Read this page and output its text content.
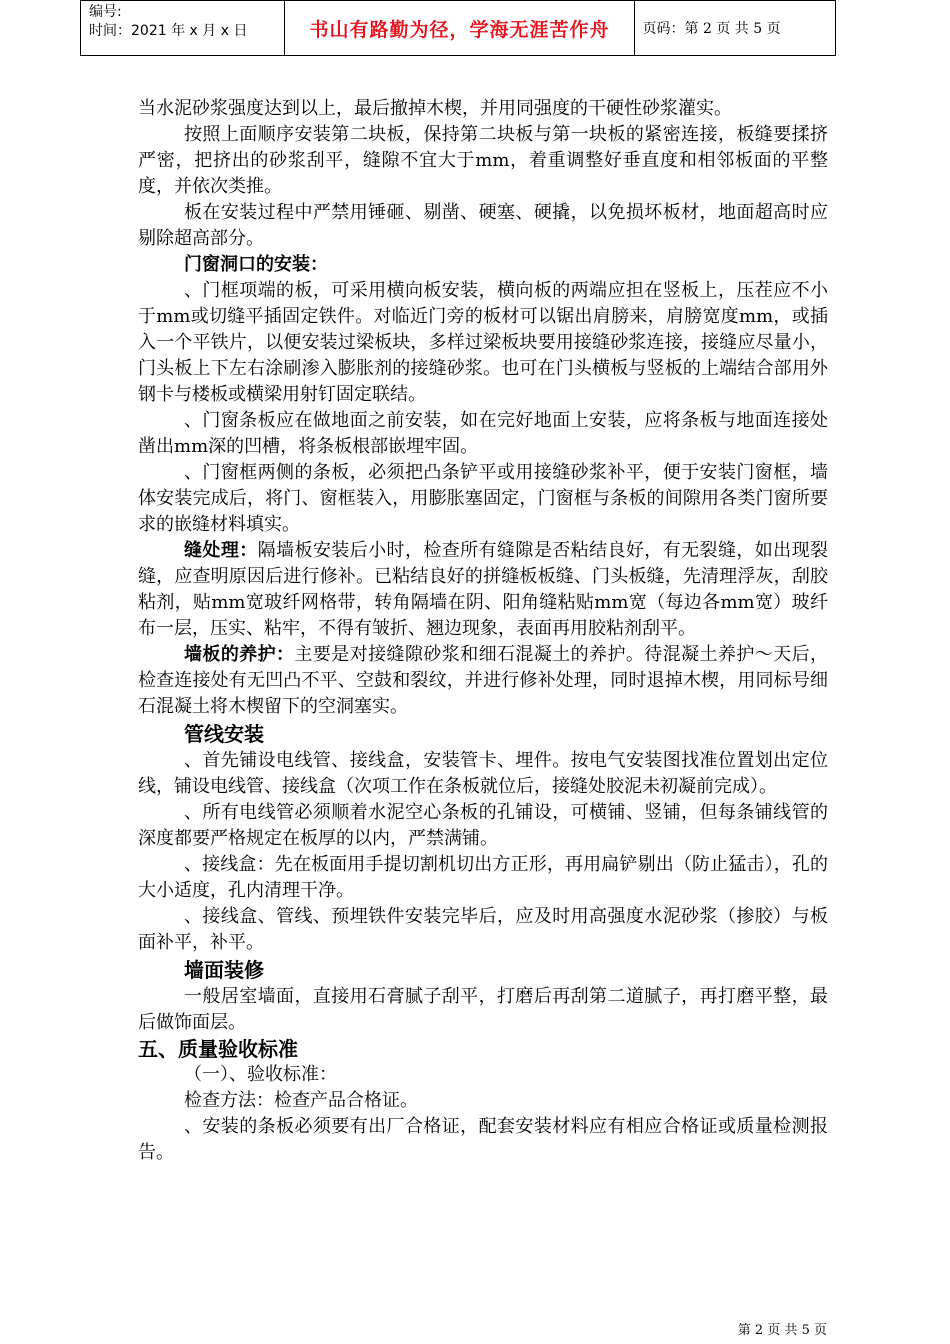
编号:
时间：2021 年 x 月 x 日	书山有路勤为径，学海无涯苦作舟	页码：第 2 页 共 5 页

当水泥砂浆强度达到以上，最后撤掉木楔，并用同强度的干硬性砂浆灌实。

按照上面顺序安装第二块板，保持第二块板与第一块板的紧密连接，板缝要揉挤严密，把挤出的砂浆刮平，缝隙不宜大于mm，着重调整好垂直度和相邻板面的平整度，并依次类推。

板在安装过程中严禁用锤砸、剔凿、硬塞、硬撬，以免损坏板材，地面超高时应剔除超高部分。

门窗洞口的安装：

、门框项端的板，可采用横向板安装，横向板的两端应担在竖板上，压茬应不小于mm或切缝平插固定铁件。对临近门旁的板材可以锯出肩膀来，肩膀宽度mm，或插入一个平铁片，以便安装过梁板块，多样过梁板块要用接缝砂浆连接，接缝应尽量小，门头板上下左右涂刷渗入膨胀剂的接缝砂浆。也可在门头横板与竖板的上端结合部用外钢卡与楼板或横梁用射钉固定联结。

、门窗条板应在做地面之前安装，如在完好地面上安装，应将条板与地面连接处凿出mm深的凹槽，将条板根部嵌埋牢固。

、门窗框两侧的条板，必须把凸条铲平或用接缝砂浆补平，便于安装门窗框，墙体安装完成后，将门、窗框装入，用膨胀塞固定，门窗框与条板的间隙用各类门窗所要求的嵌缝材料填实。

缝处理：隔墙板安装后小时，检查所有缝隙是否粘结良好，有无裂缝，如出现裂缝，应查明原因后进行修补。已粘结良好的拼缝板板缝、门头板缝，先清理浮灰，刮胶粘剂，贴mm宽玻纤网格带，转角隔墙在阴、阳角缝粘贴mm宽（每边各mm宽）玻纤布一层，压实、粘牢，不得有皱折、翘边现象，表面再用胶粘剂刮平。

墙板的养护：主要是对接缝隙砂浆和细石混凝土的养护。待混凝土养护～天后，检查连接处有无凹凸不平、空鼓和裂纹，并进行修补处理，同时退掉木楔，用同标号细石混凝土将木楔留下的空洞塞实。

管线安装

、首先铺设电线管、接线盒，安装管卡、埋件。按电气安装图找准位置划出定位线，铺设电线管、接线盒（次项工作在条板就位后，接缝处胶泥未初凝前完成）。

、所有电线管必须顺着水泥空心条板的孔铺设，可横铺、竖铺，但每条铺线管的深度都要严格规定在板厚的以内，严禁满铺。

、接线盒：先在板面用手提切割机切出方正形，再用扁铲剔出（防止猛击），孔的大小适度，孔内清理干净。

、接线盒、管线、预埋铁件安装完毕后，应及时用高强度水泥砂浆（掺胶）与板面补平，补平。

墙面装修

一般居室墙面，直接用石膏腻子刮平，打磨后再刮第二道腻子，再打磨平整，最后做饰面层。

五、质量验收标准

（一）、验收标准：

检查方法：检查产品合格证。

、安装的条板必须要有出厂合格证，配套安装材料应有相应合格证或质量检测报告。

第 2 页 共 5 页
